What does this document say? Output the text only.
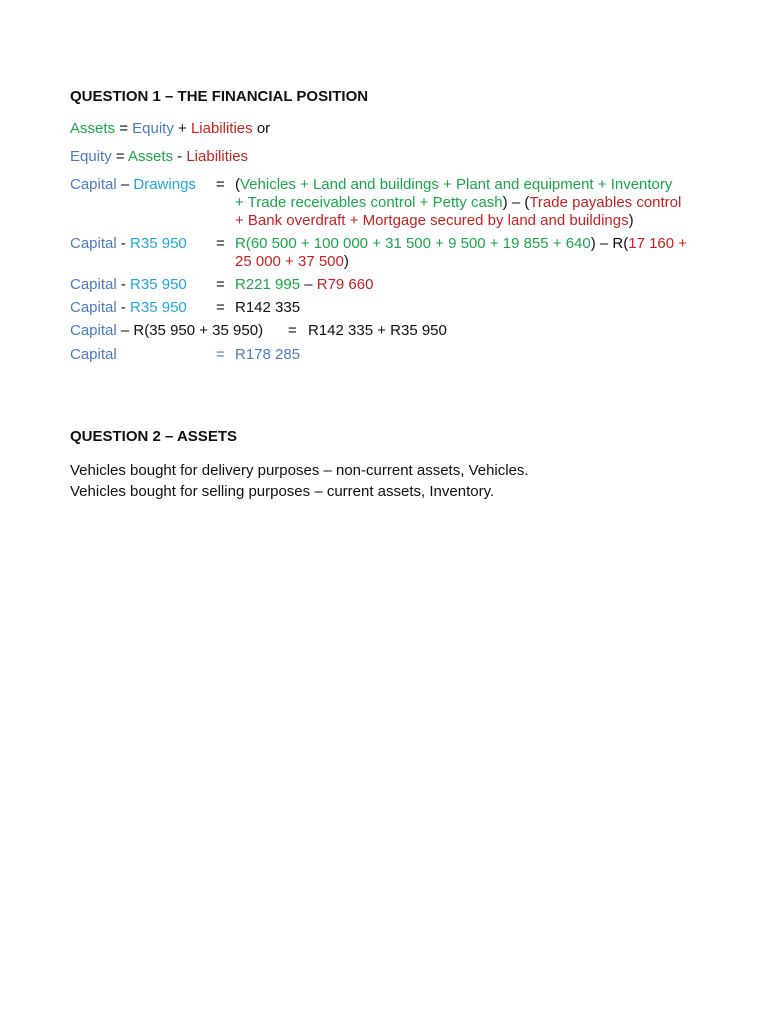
QUESTION 1 – THE FINANCIAL POSITION
Assets = Equity + Liabilities or
Equity = Assets - Liabilities
Capital – Drawings = (Vehicles + Land and buildings + Plant and equipment + Inventory
+ Trade receivables control + Petty cash) – (Trade payables control
+ Bank overdraft + Mortgage secured by land and buildings)
Capital - R35 950 = R(60 500 + 100 000 + 31 500 + 9 500 + 19 855 + 640) – R(17 160 +
25 000 + 37 500)
Capital - R35 950 = R221 995 – R79 660
Capital - R35 950 = R142 335
Capital – R(35 950 + 35 950) = R142 335 + R35 950
Capital	= R178 285
QUESTION 2 – ASSETS
Vehicles bought for delivery purposes – non-current assets, Vehicles.
Vehicles bought for selling purposes – current assets, Inventory.
